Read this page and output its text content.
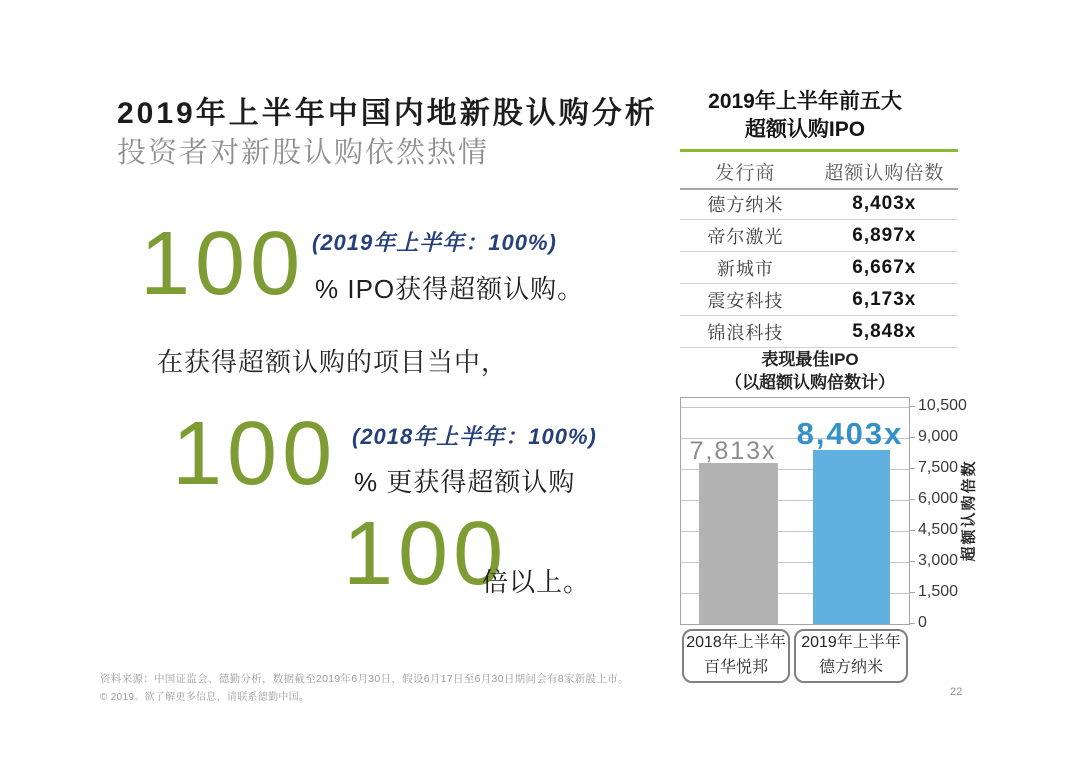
2019年上半年中国内地新股认购分析
投资者对新股认购依然热情
100 (2019年上半年：100%)
% IPO获得超额认购。
在获得超额认购的项目当中，
100 (2018年上半年：100%)
% 更获得超额认购
100
倍以上。
资料来源：中国证监会、德勤分析，数据截至2019年6月30日，假设6月17日至6月30日期间会有8家新股上市。
© 2019。欲了解更多信息，请联系德勤中国。	22
2019年上半年前五大
超额认购IPO
发行商	超额认购倍数
德方纳米	8,403x
帝尔激光	6,897x
新城市	6,667x
震安科技	6,173x
锦浪科技	5,848x
表现最佳IPO
（以超额认购倍数计）
10,500
9,000
7,500
6,000
4,500
3,000
1,500
0
超额认购倍数
7,813x 8,403x
2018年上半年
百华悦邦
2019年上半年
德方纳米
